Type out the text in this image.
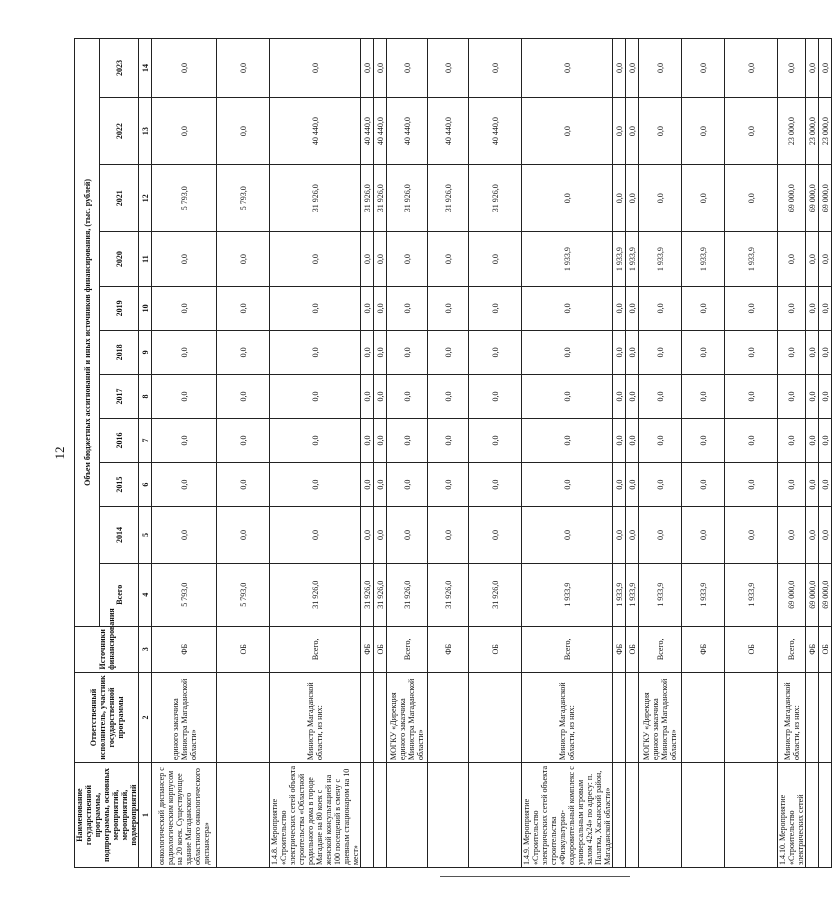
12
Наименование государственной программы, подпрограммы, основных мероприятий, мероприятий, подмероприятий	Ответственный исполнитель, участник государственной программы	Источники финансирования	Объем бюджетных ассигнований и иных источников финансирования, (тыс. рублей)										
			Всего	2014	2015	2016	2017	2018	2019	2020	2021	2022	2023
1	2	3	4	5	6	7	8	9	10	11	12	13	14
онкологический диспансер с радиологическим корпусом на 20 коек. Существующее здание Магаданского областного онкологического диспансера»	единого заказчика Министра Магаданской области»	ФБ	5 793,0	0,0	0,0	0,0	0,0	0,0	0,0	0,0	5 793,0	0,0	0,0
		ОБ	5 793,0	0,0	0,0	0,0	0,0	0,0	0,0	0,0	5 793,0	0,0	0,0
1.4.8. Мероприятие «Строительство электрических сетей объекта строительства «Областной родильного дома в городе Магадане на 80 коек с женской консультацией на 100 посещений в смену с дневным стационаром на 10 мест»	Министр Магаданской области, из них:	Всего,	31 926,0	0,0	0,0	0,0	0,0	0,0	0,0	0,0	31 926,0	40 440,0	0,0
		ФБ	31 926,0	0,0	0,0	0,0	0,0	0,0	0,0	0,0	31 926,0	40 440,0	0,0
		ОБ	31 926,0	0,0	0,0	0,0	0,0	0,0	0,0	0,0	31 926,0	40 440,0	0,0
	МОГКУ «Дирекция единого заказчика Министра Магаданской области»	Всего,	31 926,0	0,0	0,0	0,0	0,0	0,0	0,0	0,0	31 926,0	40 440,0	0,0
		ФБ	31 926,0	0,0	0,0	0,0	0,0	0,0	0,0	0,0	31 926,0	40 440,0	0,0
		ОБ	31 926,0	0,0	0,0	0,0	0,0	0,0	0,0	0,0	31 926,0	40 440,0	0,0
1.4.9. Мероприятие «Строительство электрических сетей объекта строительства «Физкультурно-оздоровительный комплекс с универсальным игровым залом 42х24» по адресу: п. Палатка, Хасынский район, Магаданской области»	Министр Магаданской области, из них:	Всего,	1 933,9	0,0	0,0	0,0	0,0	0,0	0,0	1 933,9	0,0	0,0	0,0
		ФБ	1 933,9	0,0	0,0	0,0	0,0	0,0	0,0	1 933,9	0,0	0,0	0,0
		ОБ	1 933,9	0,0	0,0	0,0	0,0	0,0	0,0	1 933,9	0,0	0,0	0,0
	МОГКУ «Дирекция единого заказчика Министра Магаданской области»	Всего,	1 933,9	0,0	0,0	0,0	0,0	0,0	0,0	1 933,9	0,0	0,0	0,0
		ФБ	1 933,9	0,0	0,0	0,0	0,0	0,0	0,0	1 933,9	0,0	0,0	0,0
		ОБ	1 933,9	0,0	0,0	0,0	0,0	0,0	0,0	1 933,9	0,0	0,0	0,0
1.4.10. Мероприятие «Строительство электрических сетей	Министр Магаданской области, из них:	Всего,	69 000,0	0,0	0,0	0,0	0,0	0,0	0,0	0,0	69 000,0	23 000,0	0,0
		ФБ	69 000,0	0,0	0,0	0,0	0,0	0,0	0,0	0,0	69 000,0	23 000,0	0,0
		ОБ	69 000,0	0,0	0,0	0,0	0,0	0,0	0,0	0,0	69 000,0	23 000,0	0,0
